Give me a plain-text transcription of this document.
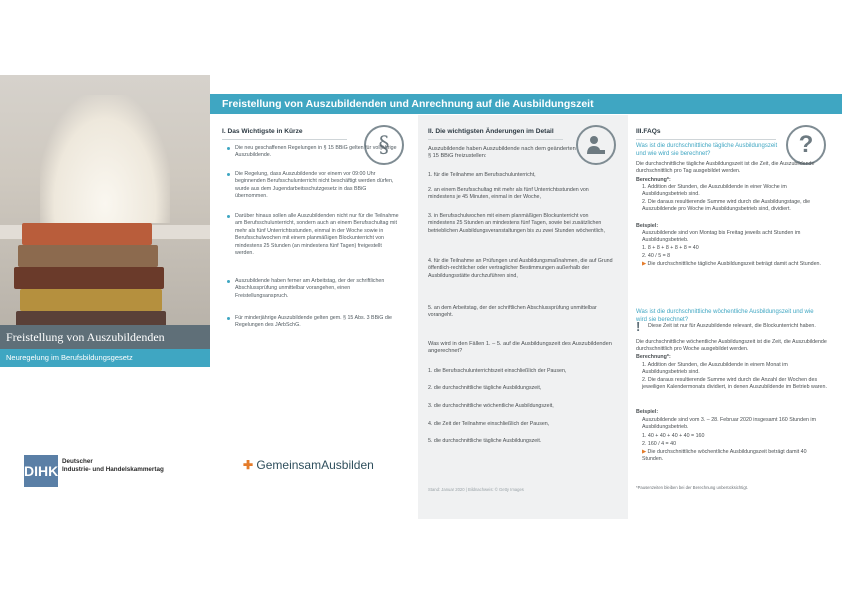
Freistellung von Auszubildenden
Neuregelung im Berufsbildungsgesetz
DIHK
Deutscher
Industrie- und Handelskammertag
Freistellung von Auszubildenden und Anrechnung auf die Ausbildungszeit
I. Das Wichtigste in Kürze
§
Die neu geschaffenen Regelungen in § 15 BBiG gelten für volljährige Auszubildende.
Die Regelung, dass Auszubildende vor einem vor 09:00 Uhr beginnenden Berufsschulunterricht nicht beschäftigt werden dürfen, wurde aus dem Jugendarbeitsschutzgesetz in das BBiG übernommen.
Darüber hinaus sollen alle Auszubildenden nicht nur für die Teilnahme am Berufsschulunterricht, sondern auch an einem Berufsschultag mit mehr als fünf Unterrichtsstunden, einmal in der Woche sowie in Berufsschulwochen mit einem planmäßigen Blockunterricht von mindestens 25 Stunden (an mindestens fünf Tagen) freigestellt werden.
Auszubildende haben ferner am Arbeitstag, der der schriftlichen Abschlussprüfung unmittelbar vorangehen, einen Freistellungsanspruch.
Für minderjährige Auszubildende gelten gem. § 15 Abs. 3 BBiG die Regelungen des JArbSchG.
II. Die wichtigsten Änderungen im Detail
Auszubildende haben Auszubildende nach dem geänderten § 15 BBiG freizustellen:
1. für die Teilnahme am Berufsschulunterricht,
2. an einem Berufsschultag mit mehr als fünf Unterrichtsstunden von mindestens je 45 Minuten, einmal in der Woche,
3. in Berufsschulwochen mit einem planmäßigen Blockunterricht von mindestens 25 Stunden an mindestens fünf Tagen, sowie bei zusätzlichen betrieblichen Ausbildungsveranstaltungen bis zu zwei Stunden wöchentlich,
4. für die Teilnahme an Prüfungen und Ausbildungsmaßnahmen, die auf Grund öffentlich-rechtlicher oder vertraglicher Bestimmungen außerhalb der Ausbildungsstätte durchzuführen sind,
5. an dem Arbeitstag, der der schriftlichen Abschlussprüfung unmittelbar vorangeht.
Was wird in den Fällen 1. – 5. auf die Ausbildungszeit des Auszubildenden angerechnet?
1. die Berufsschulunterrichtszeit einschließlich der Pausen,
2. die durchschnittliche tägliche Ausbildungszeit,
3. die durchschnittliche wöchentliche Ausbildungszeit,
4. die Zeit der Teilnahme einschließlich der Pausen,
5. die durchschnittliche tägliche Ausbildungszeit.
Stand: Januar 2020 | Bildnachweis: © Getty Images
III.FAQs	?
Was ist die durchschnittliche tägliche Ausbildungszeit und wie wird sie berechnet?
Die durchschnittliche tägliche Ausbildungszeit ist die Zeit, die Auszubildende durchschnittlich pro Tag ausgebildet werden.
Berechnung*:
1. Addition der Stunden, die Auszubildende in einer Woche im Ausbildungsbetrieb sind.
2. Die daraus resultierende Summe wird durch die Ausbildungstage, die Auszubildende pro Woche im Ausbildungsbetrieb sind, dividiert.
Beispiel:
Auszubildende sind von Montag bis Freitag jeweils acht Stunden im Ausbildungsbetrieb.
1. 8 + 8 + 8 + 8 + 8 = 40
2. 40 / 5 = 8
▶ Die durchschnittliche tägliche Ausbildungszeit beträgt damit acht Stunden.
Was ist die durchschnittliche wöchentliche Ausbildungszeit und wie wird sie berechnet?
! Diese Zeit ist nur für Auszubildende relevant, die Blockunterricht haben.
Die durchschnittliche wöchentliche Ausbildungszeit ist die Zeit, die Auszubildende durchschnittlich pro Woche ausgebildet werden.
Berechnung*:
1. Addition der Stunden, die Auszubildende in einem Monat im Ausbildungsbetrieb sind.
2. Die daraus resultierende Summe wird durch die Anzahl der Wochen des jeweiligen Kalendermonats dividiert, in denen Auszubildende im Betrieb waren.
Beispiel:
Auszubildende sind vom 3. – 28. Februar 2020 insgesamt 160 Stunden im Ausbildungsbetrieb.
1. 40 + 40 + 40 + 40 = 160
2. 160 / 4 = 40
▶ Die durchschnittliche wöchentliche Ausbildungszeit beträgt damit 40 Stunden.
*Pausenzeiten bleiben bei der Berechnung unberücksichtigt.
✚ GemeinsamAusbilden
